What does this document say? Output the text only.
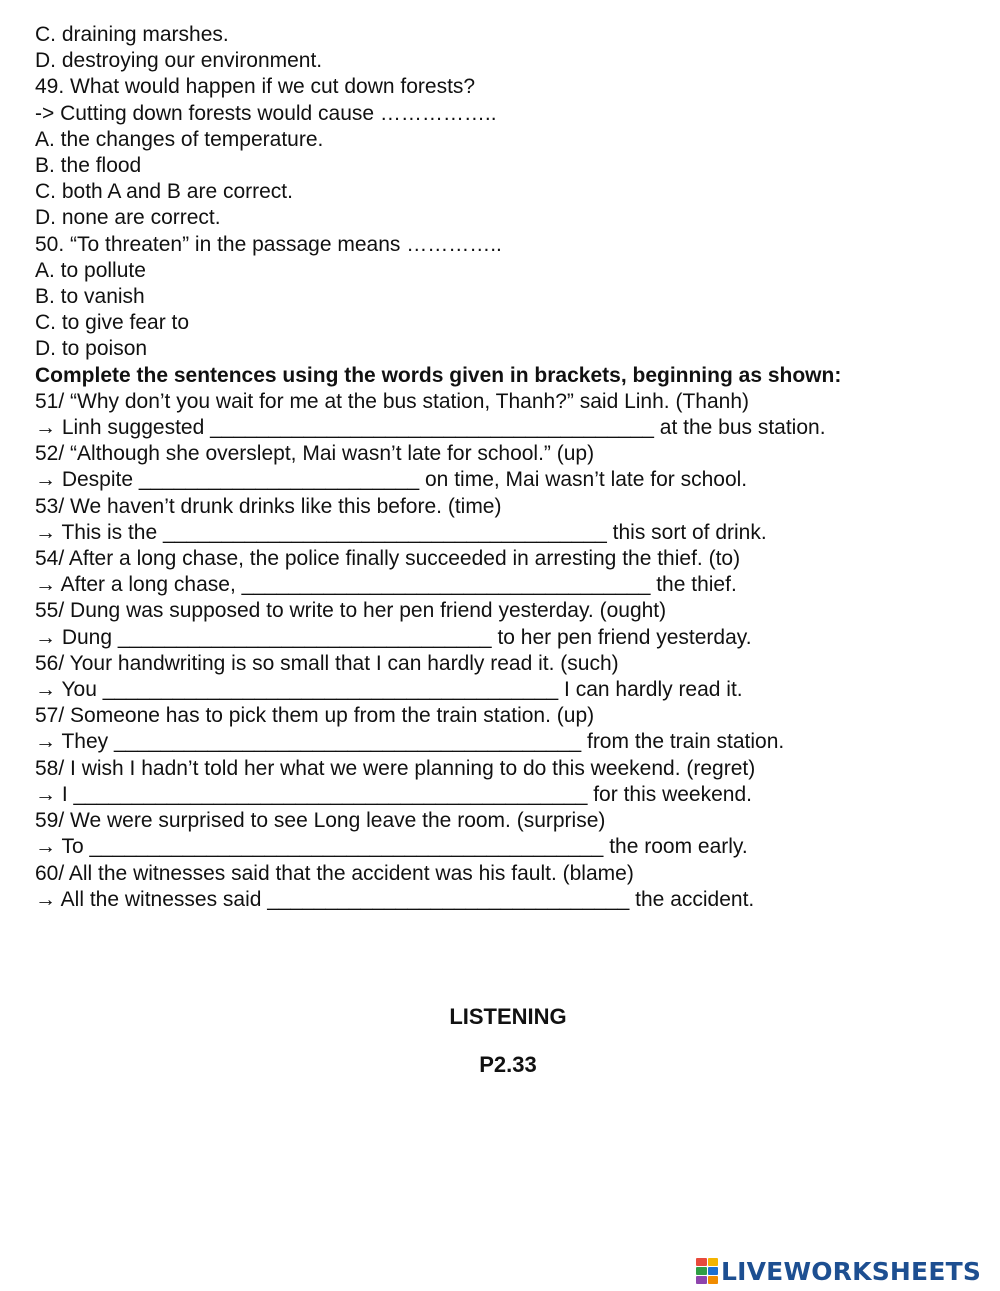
C. draining marshes.
D. destroying our environment.
49. What would happen if we cut down forests?
-> Cutting down forests would cause ……………..
A. the changes of temperature.
B. the flood
C. both A and B are correct.
D. none are correct.
50. “To threaten” in the passage means …………..
A. to pollute
B. to vanish
C. to give fear to
D. to poison
Complete the sentences using the words given in brackets, beginning as shown:
51/ “Why don’t you wait for me at the bus station, Thanh?” said Linh. (Thanh)
→ Linh suggested ______________________________________ at the bus station.
52/ “Although she overslept, Mai wasn’t late for school.” (up)
→ Despite ________________________ on time, Mai wasn’t late for school.
53/ We haven’t drunk drinks like this before. (time)
→ This is the ______________________________________ this sort of drink.
54/ After a long chase, the police finally succeeded in arresting the thief. (to)
→ After a long chase, ___________________________________ the thief.
55/ Dung was supposed to write to her pen friend yesterday. (ought)
→ Dung ________________________________ to her pen friend yesterday.
56/ Your handwriting is so small that I can hardly read it. (such)
→ You _______________________________________ I can hardly read it.
57/ Someone has to pick them up from the train station. (up)
→ They ________________________________________ from the train station.
58/ I wish I hadn’t told her what we were planning to do this weekend. (regret)
→ I ____________________________________________ for this weekend.
59/ We were surprised to see Long leave the room. (surprise)
→ To ____________________________________________ the room early.
60/ All the witnesses said that the accident was his fault. (blame)
→ All the witnesses said _______________________________ the accident.
LISTENING
P2.33
LIVEWORKSHEETS
